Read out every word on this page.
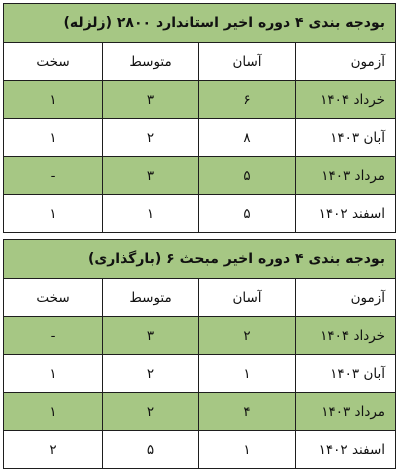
بودجه بندی ۴ دوره اخیر استاندارد ۲۸۰۰ (زلزله)			
آزمون	آسان	متوسط	سخت
خرداد ۱۴۰۴	۶	۳	۱
آبان ۱۴۰۳	۸	۲	۱
مرداد ۱۴۰۳	۵	۳	-
اسفند ۱۴۰۲	۵	۱	۱
بودجه بندی ۴ دوره اخیر مبحث ۶ (بارگذاری)			
آزمون	آسان	متوسط	سخت
خرداد ۱۴۰۴	۲	۳	-
آبان ۱۴۰۳	۱	۲	۱
مرداد ۱۴۰۳	۴	۲	۱
اسفند ۱۴۰۲	۱	۵	۲
